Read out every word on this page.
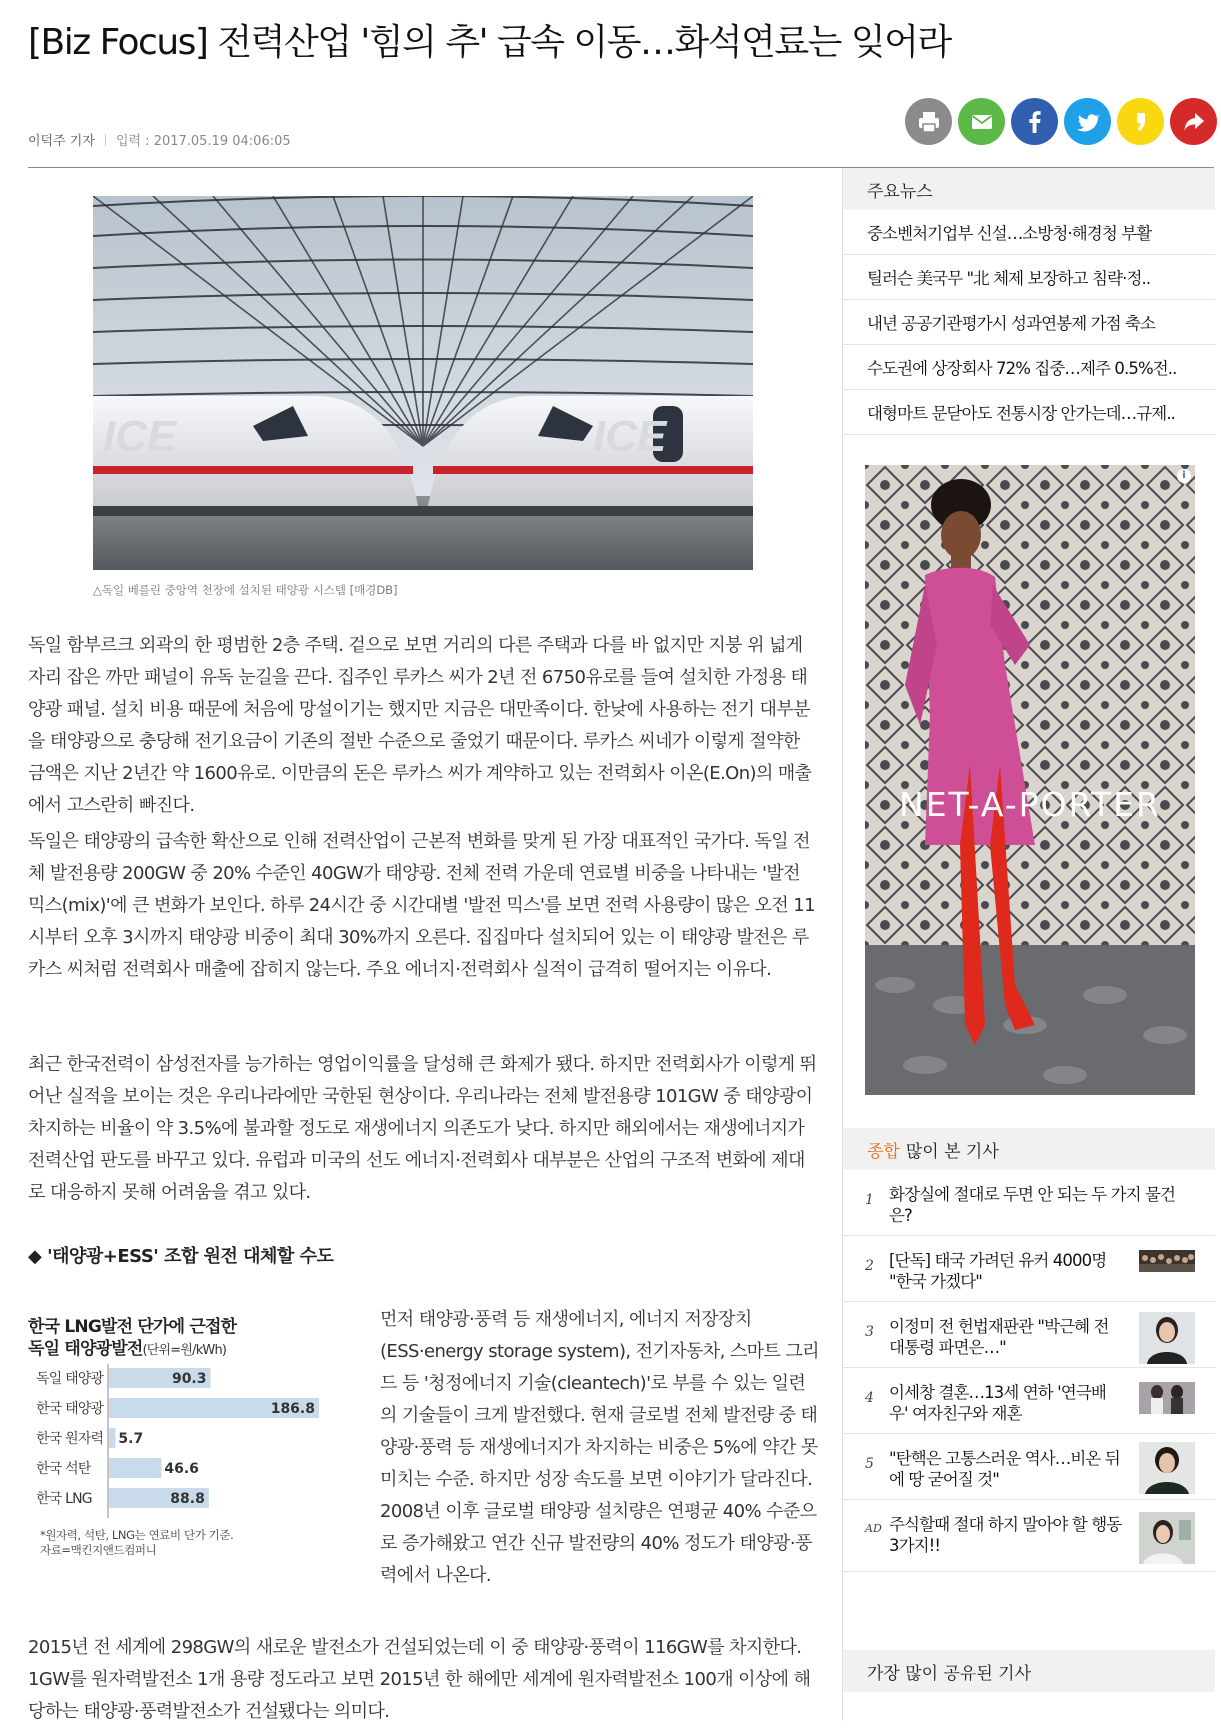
[Biz Focus] 전력산업 '힘의 추' 급속 이동…화석연료는 잊어라
이덕주 기자 입력 : 2017.05.19 04:06:05
ICE	ICE
△독일 베를린 중앙역 천장에 설치된 태양광 시스템 [매경DB]

독일 함부르크 외곽의 한 평범한 2층 주택. 겉으로 보면 거리의 다른 주택과 다를 바 없지만 지붕 위 넓게 자리 잡은 까만 패널이 유독 눈길을 끈다. 집주인 루카스 씨가 2년 전 6750유로를 들여 설치한 가정용 태양광 패널. 설치 비용 때문에 처음에 망설이기는 했지만 지금은 대만족이다. 한낮에 사용하는 전기 대부분을 태양광으로 충당해 전기요금이 기존의 절반 수준으로 줄었기 때문이다. 루카스 씨네가 이렇게 절약한 금액은 지난 2년간 약 1600유로. 이만큼의 돈은 루카스 씨가 계약하고 있는 전력회사 이온(E.On)의 매출에서 고스란히 빠진다.

독일은 태양광의 급속한 확산으로 인해 전력산업이 근본적 변화를 맞게 된 가장 대표적인 국가다. 독일 전체 발전용량 200GW 중 20% 수준인 40GW가 태양광. 전체 전력 가운데 연료별 비중을 나타내는 '발전 믹스(mix)'에 큰 변화가 보인다. 하루 24시간 중 시간대별 '발전 믹스'를 보면 전력 사용량이 많은 오전 11시부터 오후 3시까지 태양광 비중이 최대 30%까지 오른다. 집집마다 설치되어 있는 이 태양광 발전은 루카스 씨처럼 전력회사 매출에 잡히지 않는다. 주요 에너지·전력회사 실적이 급격히 떨어지는 이유다.

최근 한국전력이 삼성전자를 능가하는 영업이익률을 달성해 큰 화제가 됐다. 하지만 전력회사가 이렇게 뛰어난 실적을 보이는 것은 우리나라에만 국한된 현상이다. 우리나라는 전체 발전용량 101GW 중 태양광이 차지하는 비율이 약 3.5%에 불과할 정도로 재생에너지 의존도가 낮다. 하지만 해외에서는 재생에너지가 전력산업 판도를 바꾸고 있다. 유럽과 미국의 선도 에너지·전력회사 대부분은 산업의 구조적 변화에 제대로 대응하지 못해 어려움을 겪고 있다.

◆ '태양광+ESS' 조합 원전 대체할 수도
한국 LNG발전 단가에 근접한
독일 태양광발전(단위=원/kWh)
독일 태양광	90.3
한국 태양광	186.8
한국 원자력 5.7
한국 석탄	46.6
한국 LNG	88.8
*원자력, 석탄, LNG는 연료비 단가 기준.
자료=맥킨지앤드컴퍼니

먼저 태양광·풍력 등 재생에너지, 에너지 저장장치(ESS·energy storage system), 전기자동차, 스마트 그리드 등 '청정에너지 기술(cleantech)'로 부를 수 있는 일련의 기술들이 크게 발전했다. 현재 글로벌 전체 발전량 중 태양광·풍력 등 재생에너지가 차지하는 비중은 5%에 약간 못 미치는 수준. 하지만 성장 속도를 보면 이야기가 달라진다. 2008년 이후 글로벌 태양광 설치량은 연평균 40% 수준으로 증가해왔고 연간 신규 발전량의 40% 정도가 태양광·풍력에서 나온다.

2015년 전 세계에 298GW의 새로운 발전소가 건설되었는데 이 중 태양광·풍력이 116GW를 차지한다. 1GW를 원자력발전소 1개 용량 정도라고 보면 2015년 한 해에만 세계에 원자력발전소 100개 이상에 해당하는 태양광·풍력발전소가 건설됐다는 의미다.

주요뉴스
중소벤처기업부 신설…소방청·해경청 부활
틸러슨 美국무 "北 체제 보장하고 침략·정..
내년 공공기관평가시 성과연봉제 가점 축소
수도권에 상장회사 72% 집중…제주 0.5%전..
대형마트 문닫아도 전통시장 안가는데…규제..
i
NET-A-PORTER
종합 많이 본 기사
1 화장실에 절대로 두면 안 되는 두 가지 물건은?
2 [단독] 태국 가려던 유커 4000명 "한국 가겠다"
3 이정미 전 헌법재판관 "박근혜 전 대통령 파면은…"
4 이세창 결혼…13세 연하 '연극배우' 여자친구와 재혼
5 "탄핵은 고통스러운 역사…비온 뒤에 땅 굳어질 것"
AD 주식할때 절대 하지 말아야 할 행동 3가지!!
가장 많이 공유된 기사
